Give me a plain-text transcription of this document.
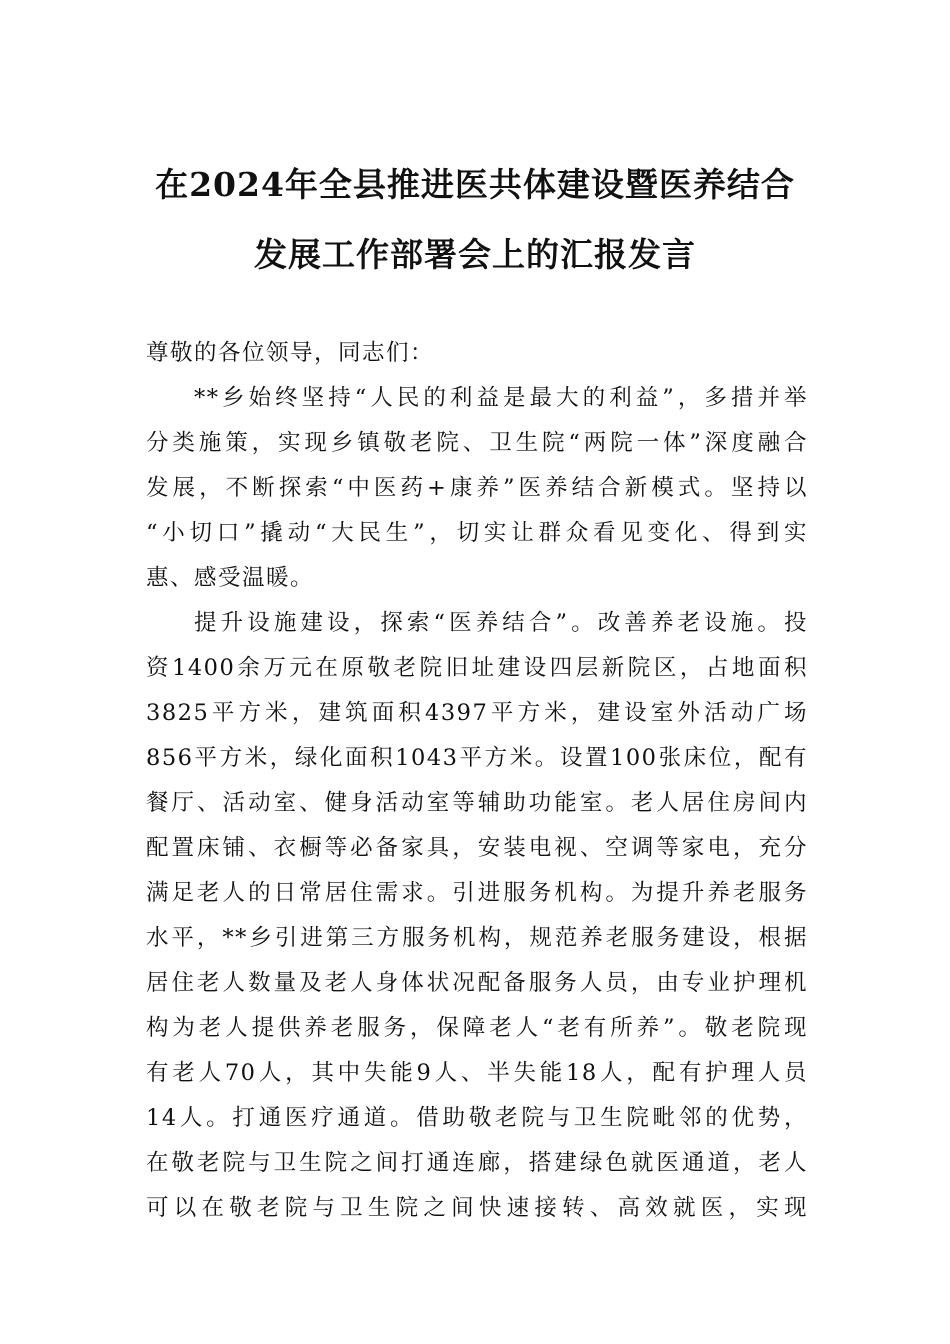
在2024年全县推进医共体建设暨医养结合
发展工作部署会上的汇报发言
尊敬的各位领导，同志们：
**乡始终坚持“人民的利益是最大的利益”，多措并举
分类施策，实现乡镇敬老院、卫生院“两院一体”深度融合
发展，不断探索“中医药+康养”医养结合新模式。坚持以
“小切口”撬动“大民生”，切实让群众看见变化、得到实
惠、感受温暖。
提升设施建设，探索“医养结合”。改善养老设施。投
资1400余万元在原敬老院旧址建设四层新院区，占地面积
3825平方米，建筑面积4397平方米，建设室外活动广场
856平方米，绿化面积1043平方米。设置100张床位，配有
餐厅、活动室、健身活动室等辅助功能室。老人居住房间内
配置床铺、衣橱等必备家具，安装电视、空调等家电，充分
满足老人的日常居住需求。引进服务机构。为提升养老服务
水平，**乡引进第三方服务机构，规范养老服务建设，根据
居住老人数量及老人身体状况配备服务人员，由专业护理机
构为老人提供养老服务，保障老人“老有所养”。敬老院现
有老人70人，其中失能9人、半失能18人，配有护理人员
14人。打通医疗通道。借助敬老院与卫生院毗邻的优势，
在敬老院与卫生院之间打通连廊，搭建绿色就医通道，老人
可以在敬老院与卫生院之间快速接转、高效就医，实现
